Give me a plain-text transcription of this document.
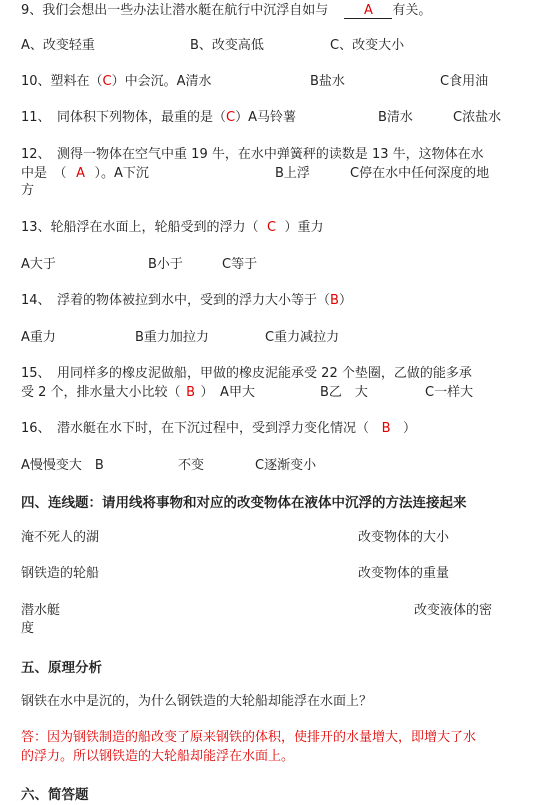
9、我们会想出一些办法让潜水艇在航行中沉浮自如与	A 有关。
A、改变轻重	B、改变高低	C、改变大小
10、塑料在（C）中会沉。A清水	B盐水	C食用油
11、　同体积下列物体，最重的是（C）A马铃薯	B清水	C浓盐水
12、　测得一物体在空气中重 19 牛，在水中弹簧秤的读数是 13 牛，这物体在水
中是　（ A ）。A下沉	B上浮	C停在水中任何深度的地
方
13、轮船浮在水面上，轮船受到的浮力（ C ）重力
A大于	B小于	C等于
14、　浮着的物体被拉到水中，受到的浮力大小等于（B）
A重力	B重力加拉力	C重力减拉力
15、　用同样多的橡皮泥做船，甲做的橡皮泥能承受 22 个垫圈，乙做的能多承
受 2 个，排水量大小比较（ B ）　A甲大	B乙　大	C一样大
16、　潜水艇在水下时，在下沉过程中，受到浮力变化情况（ B ）
A慢慢变大　B	不变	C逐渐变小
四、连线题：请用线将事物和对应的改变物体在液体中沉浮的方法连接起来
淹不死人的湖	改变物体的大小
钢铁造的轮船	改变物体的重量
潜水艇	改变液体的密
度
五、原理分析
钢铁在水中是沉的，为什么钢铁造的大轮船却能浮在水面上？
答：因为钢铁制造的船改变了原来钢铁的体积，使排开的水量增大，即增大了水
的浮力。所以钢铁造的大轮船却能浮在水面上。
六、简答题
